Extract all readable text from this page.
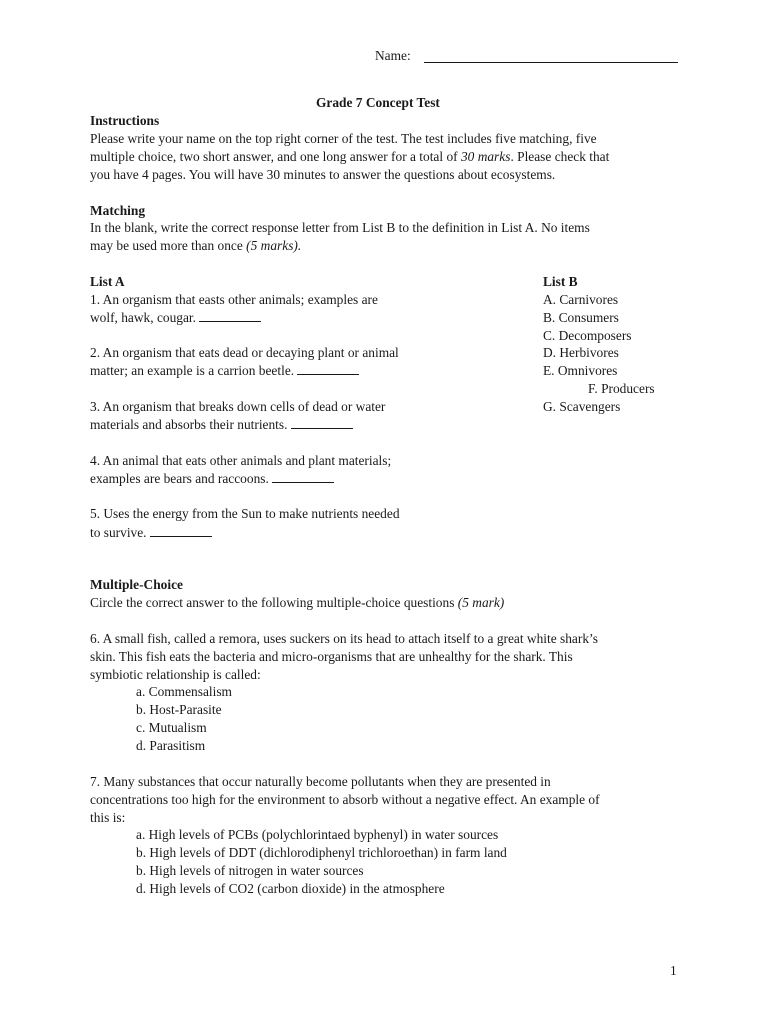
Name:
Grade 7 Concept Test
Instructions
Please write your name on the top right corner of the test. The test includes five matching, five
multiple choice, two short answer, and one long answer for a total of 30 marks. Please check that
you have 4 pages. You will have 30 minutes to answer the questions about ecosystems.
Matching
In the blank, write the correct response letter from List B to the definition in List A. No items
may be used more than once (5 marks).
List A	List B
1. An organism that easts other animals; examples are
wolf, hawk, cougar.
2. An organism that eats dead or decaying plant or animal
matter; an example is a carrion beetle.
3. An organism that breaks down cells of dead or water
materials and absorbs their nutrients.
4. An animal that eats other animals and plant materials;
examples are bears and raccoons.
5. Uses the energy from the Sun to make nutrients needed
to survive.
A. Carnivores
B. Consumers
C. Decomposers
D. Herbivores
E. Omnivores
F. Producers
G. Scavengers
Multiple-Choice
Circle the correct answer to the following multiple-choice questions (5 mark)
6. A small fish, called a remora, uses suckers on its head to attach itself to a great white shark’s
skin. This fish eats the bacteria and micro-organisms that are unhealthy for the shark. This
symbiotic relationship is called:
a. Commensalism
b. Host-Parasite
c. Mutualism
d. Parasitism
7. Many substances that occur naturally become pollutants when they are presented in
concentrations too high for the environment to absorb without a negative effect. An example of
this is:
a. High levels of PCBs (polychlorintaed byphenyl) in water sources
b. High levels of DDT (dichlorodiphenyl trichloroethan) in farm land
b. High levels of nitrogen in water sources
d. High levels of CO2 (carbon dioxide) in the atmosphere
1
